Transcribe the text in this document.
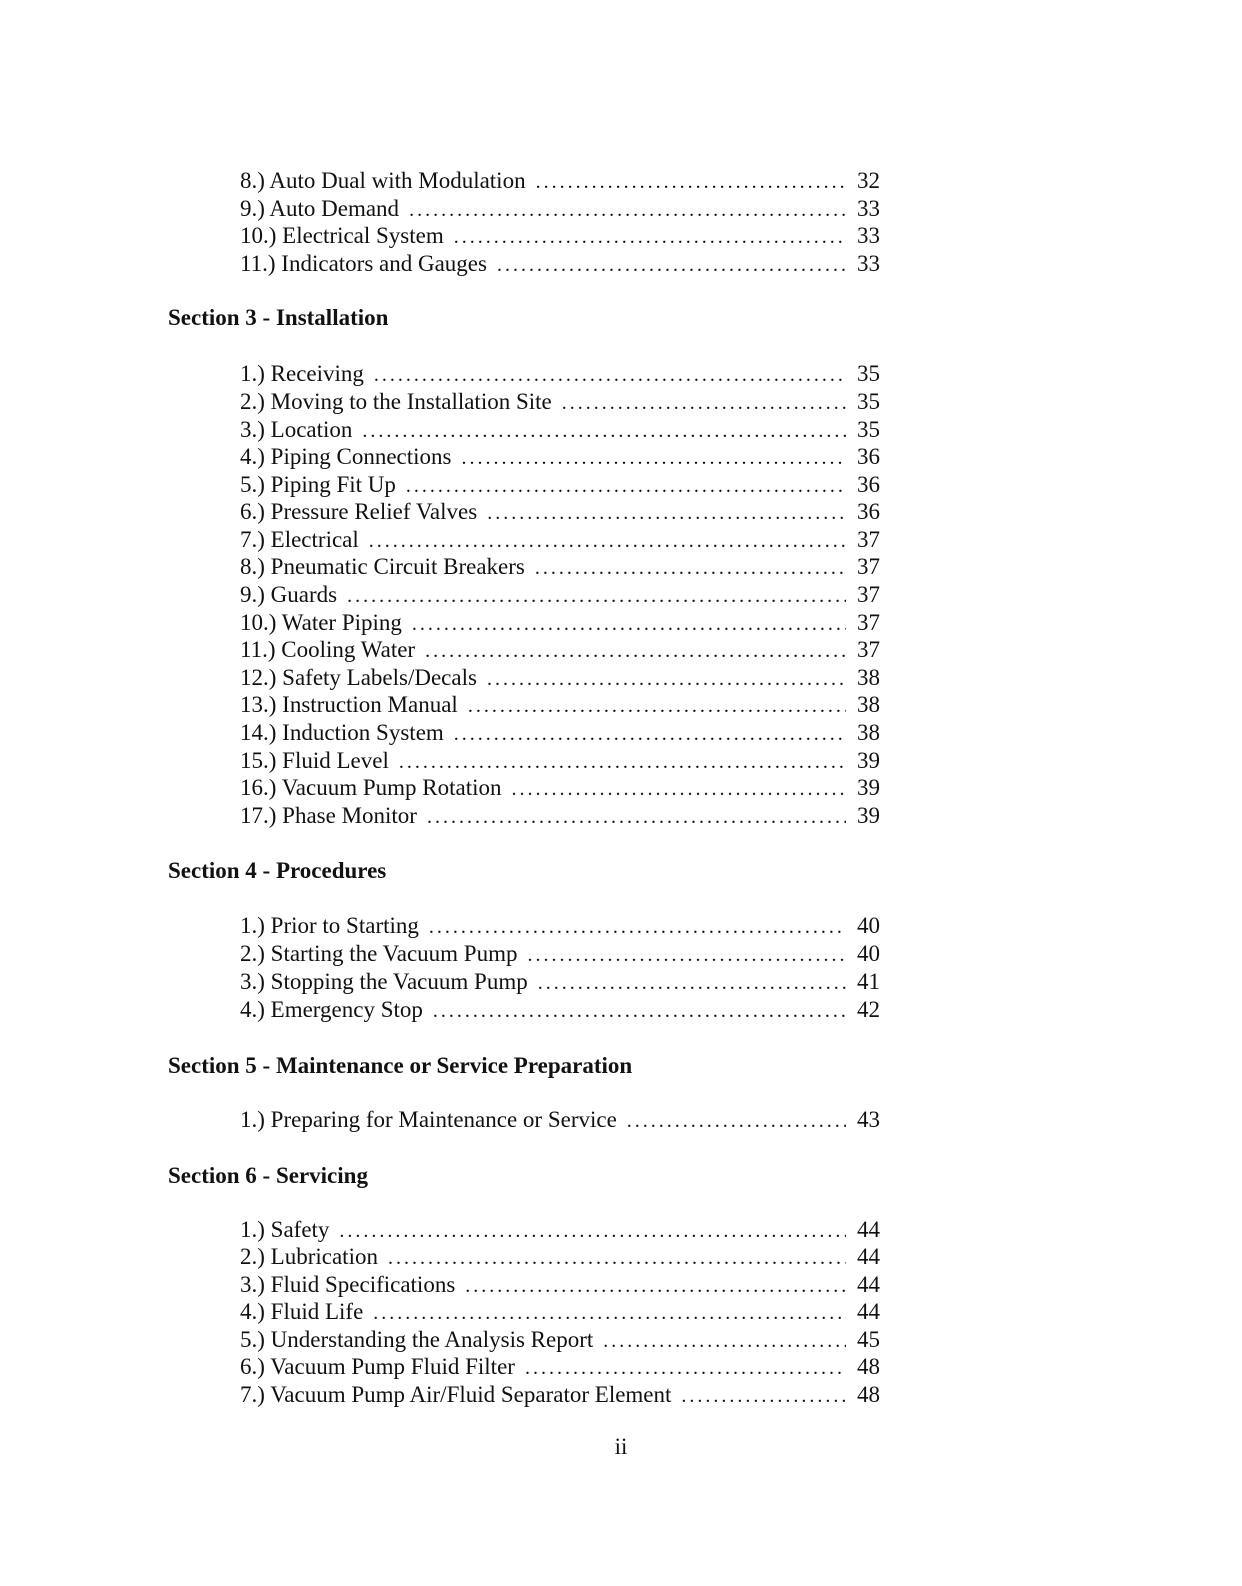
8.) Auto Dual with Modulation .....	32
9.) Auto Demand .....	33
10.) Electrical System .....	33
11.) Indicators and Gauges .....	33
Section 3 - Installation
1.) Receiving .....	35
2.) Moving to the Installation Site .....	35
3.) Location .....	35
4.) Piping Connections .....	36
5.) Piping Fit Up .....	36
6.) Pressure Relief Valves .....	36
7.) Electrical .....	37
8.) Pneumatic Circuit Breakers .....	37
9.) Guards .....	37
10.) Water Piping .....	37
11.) Cooling Water .....	37
12.) Safety Labels/Decals .....	38
13.) Instruction Manual .....	38
14.) Induction System .....	38
15.) Fluid Level .....	39
16.) Vacuum Pump Rotation .....	39
17.) Phase Monitor .....	39
Section 4 - Procedures
1.) Prior to Starting .....	40
2.) Starting the Vacuum Pump .....	40
3.) Stopping the Vacuum Pump .....	41
4.) Emergency Stop .....	42
Section 5 - Maintenance or Service Preparation
1.) Preparing for Maintenance or Service .....	43
Section 6 - Servicing
1.) Safety .....	44
2.) Lubrication .....	44
3.) Fluid Specifications .....	44
4.) Fluid Life .....	44
5.) Understanding the Analysis Report .....	45
6.) Vacuum Pump Fluid Filter .....	48
7.) Vacuum Pump Air/Fluid Separator Element .....	48
ii
